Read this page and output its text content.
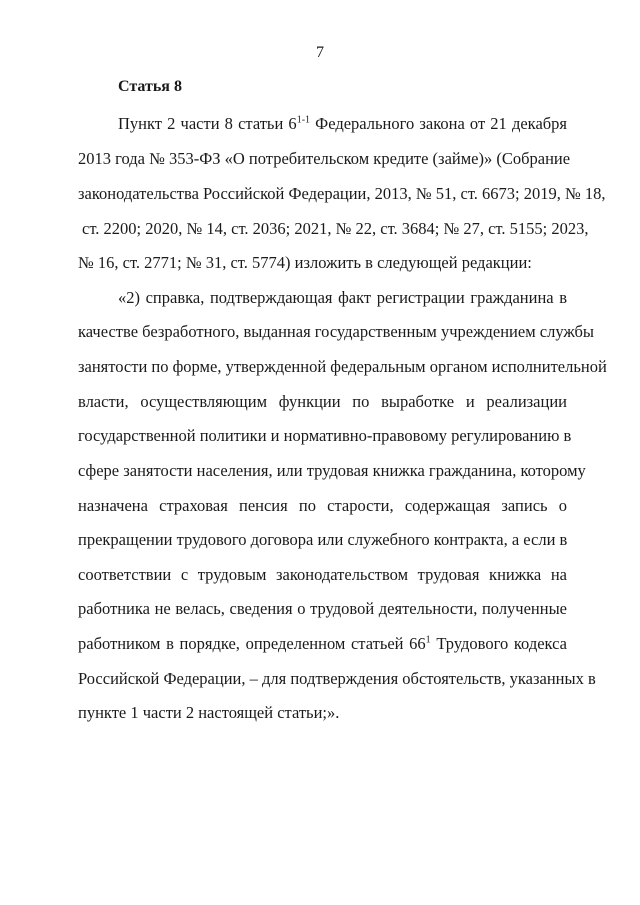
7
Статья 8
Пункт 2 части 8 статьи 6$^{1-1}$ Федерального закона от 21 декабря
2013 года № 353-ФЗ «О потребительском кредите (займе)» (Собрание
законодательства Российской Федерации, 2013, № 51, ст. 6673; 2019, № 18,
ст. 2200; 2020, № 14, ст. 2036; 2021, № 22, ст. 3684; № 27, ст. 5155; 2023,
№ 16, ст. 2771; № 31, ст. 5774) изложить в следующей редакции:
«2) справка, подтверждающая факт регистрации гражданина в
качестве безработного, выданная государственным учреждением службы
занятости по форме, утвержденной федеральным органом исполнительной
власти, осуществляющим функции по выработке и реализации
государственной политики и нормативно-правовому регулированию в
сфере занятости населения, или трудовая книжка гражданина, которому
назначена страховая пенсия по старости, содержащая запись о
прекращении трудового договора или служебного контракта, а если в
соответствии с трудовым законодательством трудовая книжка на
работника не велась, сведения о трудовой деятельности, полученные
работником в порядке, определенном статьей $66^1$ Трудового кодекса
Российской Федерации, – для подтверждения обстоятельств, указанных в
пункте 1 части 2 настоящей статьи;».
